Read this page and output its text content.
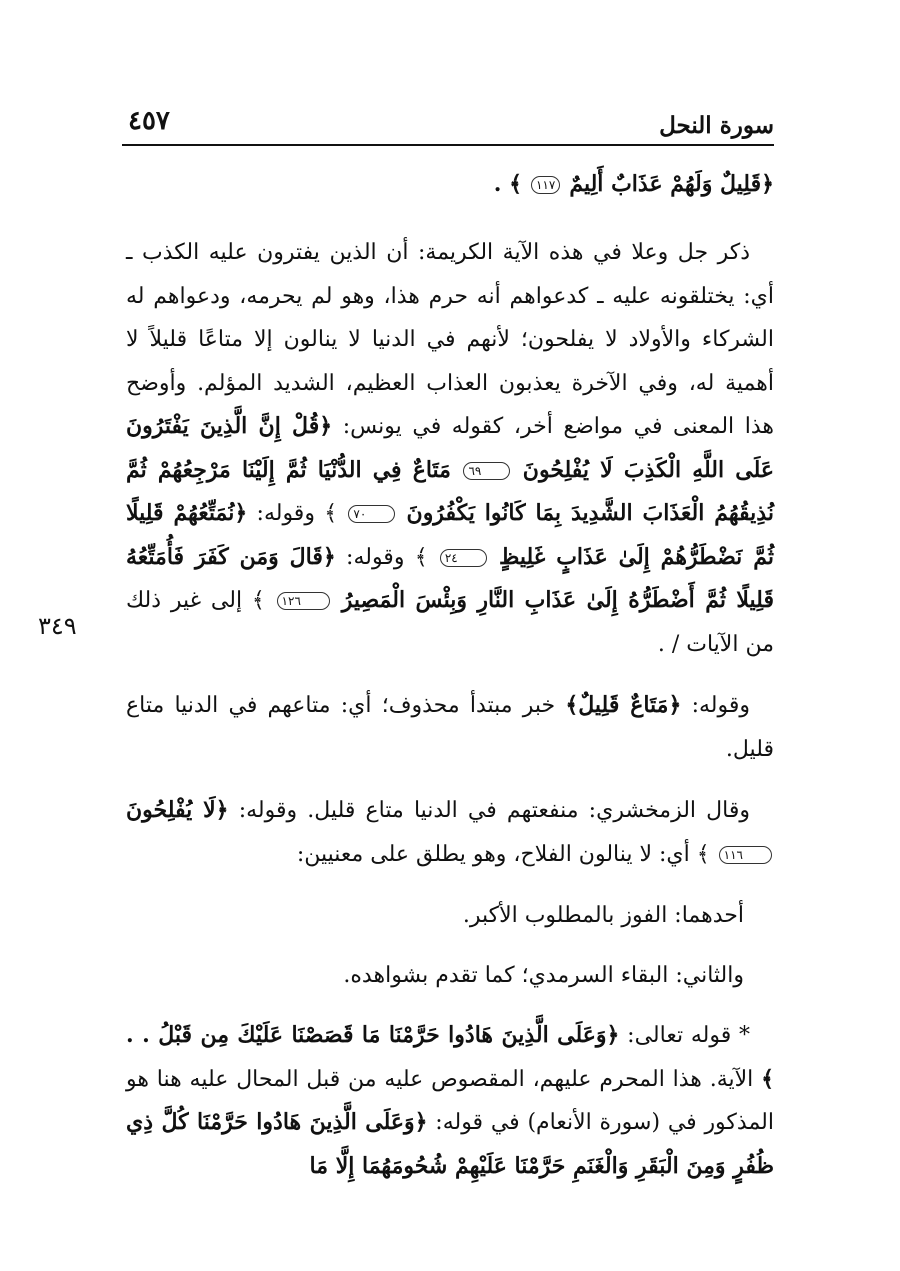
سورة النحل
٤٥٧
٣٤٩
﴿قَلِيلٌ وَلَهُمْ عَذَابٌ أَلِيمٌ ١١٧ ﴾ .

ذكر جل وعلا في هذه الآية الكريمة: أن الذين يفترون عليه الكذب ـ أي: يختلقونه عليه ـ كدعواهم أنه حرم هذا، وهو لم يحرمه، ودعواهم له الشركاء والأولاد لا يفلحون؛ لأنهم في الدنيا لا ينالون إلا متاعًا قليلاً لا أهمية له، وفي الآخرة يعذبون العذاب العظيم، الشديد المؤلم. وأوضح هذا المعنى في مواضع أخر، كقوله في يونس: ﴿قُلْ إِنَّ الَّذِينَ يَفْتَرُونَ عَلَى اللَّهِ الْكَذِبَ لَا يُفْلِحُونَ ٦٩ مَتَاعٌ فِي الدُّنْيَا ثُمَّ إِلَيْنَا مَرْجِعُهُمْ ثُمَّ نُذِيقُهُمُ الْعَذَابَ الشَّدِيدَ بِمَا كَانُوا يَكْفُرُونَ ٧٠ ﴾ وقوله: ﴿نُمَتِّعُهُمْ قَلِيلًا ثُمَّ نَضْطَرُّهُمْ إِلَىٰ عَذَابٍ غَلِيظٍ ٢٤ ﴾ وقوله: ﴿قَالَ وَمَن كَفَرَ فَأُمَتِّعُهُ قَلِيلًا ثُمَّ أَضْطَرُّهُ إِلَىٰ عَذَابِ النَّارِ وَبِئْسَ الْمَصِيرُ ١٢٦ ﴾ إلى غير ذلك من الآيات / .

وقوله: ﴿مَتَاعٌ قَلِيلٌ﴾ خبر مبتدأ محذوف؛ أي: متاعهم في الدنيا متاع قليل.

وقال الزمخشري: منفعتهم في الدنيا متاع قليل. وقوله: ﴿لَا يُفْلِحُونَ ١١٦ ﴾ أي: لا ينالون الفلاح، وهو يطلق على معنيين:

أحدهما: الفوز بالمطلوب الأكبر.

والثاني: البقاء السرمدي؛ كما تقدم بشواهده.

* قوله تعالى: ﴿وَعَلَى الَّذِينَ هَادُوا حَرَّمْنَا مَا قَصَصْنَا عَلَيْكَ مِن قَبْلُ . . ﴾ الآية. هذا المحرم عليهم، المقصوص عليه من قبل المحال عليه هنا هو المذكور في (سورة الأنعام) في قوله: ﴿وَعَلَى الَّذِينَ هَادُوا حَرَّمْنَا كُلَّ ذِي ظُفُرٍ وَمِنَ الْبَقَرِ وَالْغَنَمِ حَرَّمْنَا عَلَيْهِمْ شُحُومَهُمَا إِلَّا مَا
